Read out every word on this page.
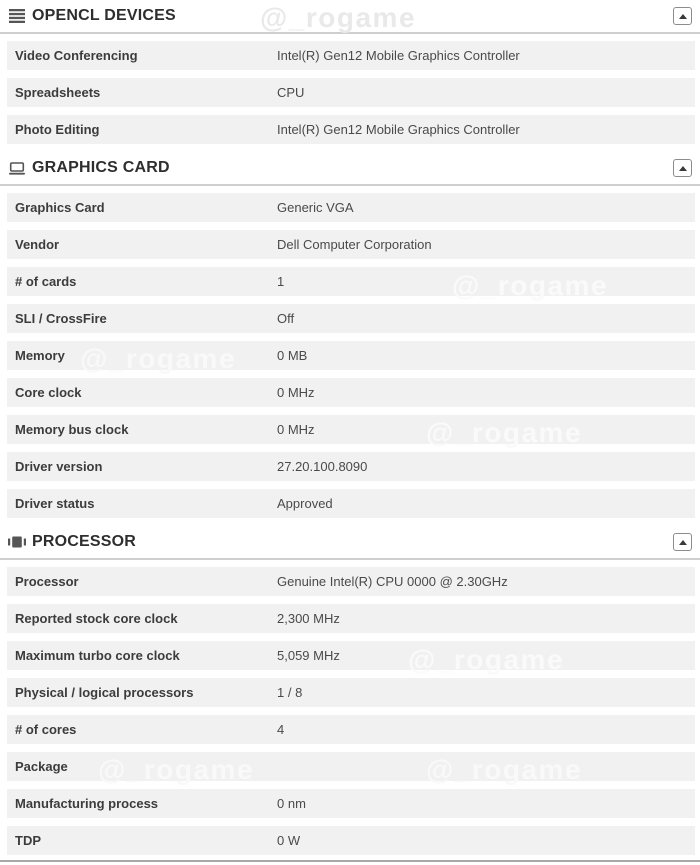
OPENCL DEVICES
Video Conferencing	Intel(R) Gen12 Mobile Graphics Controller
Spreadsheets	CPU
Photo Editing	Intel(R) Gen12 Mobile Graphics Controller
GRAPHICS CARD
Graphics Card	Generic VGA
Vendor	Dell Computer Corporation
# of cards	1
SLI / CrossFire	Off
Memory	0 MB
Core clock	0 MHz
Memory bus clock	0 MHz
Driver version	27.20.100.8090
Driver status	Approved
PROCESSOR
Processor	Genuine Intel(R) CPU 0000 @ 2.30GHz
Reported stock core clock	2,300 MHz
Maximum turbo core clock	5,059 MHz
Physical / logical processors	1 / 8
# of cores	4
Package
Manufacturing process	0 nm
TDP	0 W
@_rogame
@_rogame
@_rogame
@_rogame
@_rogame
@_rogame	@_rogame
